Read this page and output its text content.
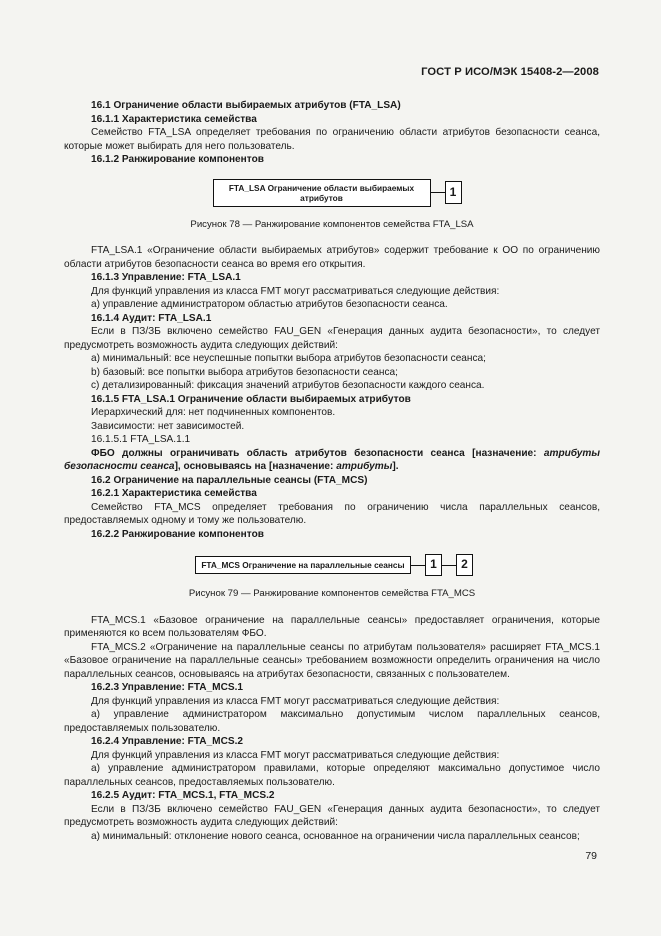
ГОСТ Р ИСО/МЭК 15408-2—2008

16.1 Ограничение области выбираемых атрибутов (FTA_LSA)

16.1.1 Характеристика семейства

Семейство FTA_LSA определяет требования по ограничению области атрибутов безопасности сеанса, которые может выбирать для него пользователь.

16.1.2 Ранжирование компонентов

FTA_LSA Ограничение области выбираемых атрибутов	1

Рисунок 78 — Ранжирование компонентов семейства FTA_LSA

FTA_LSA.1 «Ограничение области выбираемых атрибутов» содержит требование к ОО по ограничению области атрибутов безопасности сеанса во время его открытия.

16.1.3 Управление: FTA_LSA.1

Для функций управления из класса FMT могут рассматриваться следующие действия:

а) управление администратором областью атрибутов безопасности сеанса.

16.1.4 Аудит: FTA_LSA.1

Если в ПЗ/ЗБ включено семейство FAU_GEN «Генерация данных аудита безопасности», то следует предусмотреть возможность аудита следующих действий:

а) минимальный: все неуспешные попытки выбора атрибутов безопасности сеанса;

b) базовый: все попытки выбора атрибутов безопасности сеанса;

с) детализированный: фиксация значений атрибутов безопасности каждого сеанса.

16.1.5 FTA_LSA.1 Ограничение области выбираемых атрибутов

Иерархический для: нет подчиненных компонентов.

Зависимости: нет зависимостей.

16.1.5.1 FTA_LSA.1.1

ФБО должны ограничивать область атрибутов безопасности сеанса [назначение: атрибуты безопасности сеанса], основываясь на [назначение: атрибуты].

16.2 Ограничение на параллельные сеансы (FTA_MCS)

16.2.1 Характеристика семейства

Семейство FTA_MCS определяет требования по ограничению числа параллельных сеансов, предоставляемых одному и тому же пользователю.

16.2.2 Ранжирование компонентов

FTA_MCS Ограничение на параллельные сеансы	1	2

Рисунок 79 — Ранжирование компонентов семейства FTA_MCS

FTA_MCS.1 «Базовое ограничение на параллельные сеансы» предоставляет ограничения, которые применяются ко всем пользователям ФБО.

FTA_MCS.2 «Ограничение на параллельные сеансы по атрибутам пользователя» расширяет FTA_MCS.1 «Базовое ограничение на параллельные сеансы» требованием возможности определить ограничения на число параллельных сеансов, основываясь на атрибутах безопасности, связанных с пользователем.

16.2.3 Управление: FTA_MCS.1

Для функций управления из класса FMT могут рассматриваться следующие действия:

а) управление администратором максимально допустимым числом параллельных сеансов, предоставляемых пользователю.

16.2.4 Управление: FTA_MCS.2

Для функций управления из класса FMT могут рассматриваться следующие действия:

а) управление администратором правилами, которые определяют максимально допустимое число параллельных сеансов, предоставляемых пользователю.

16.2.5 Аудит: FTA_MCS.1, FTA_MCS.2

Если в ПЗ/ЗБ включено семейство FAU_GEN «Генерация данных аудита безопасности», то следует предусмотреть возможность аудита следующих действий:

а) минимальный: отклонение нового сеанса, основанное на ограничении числа параллельных сеансов;

79
